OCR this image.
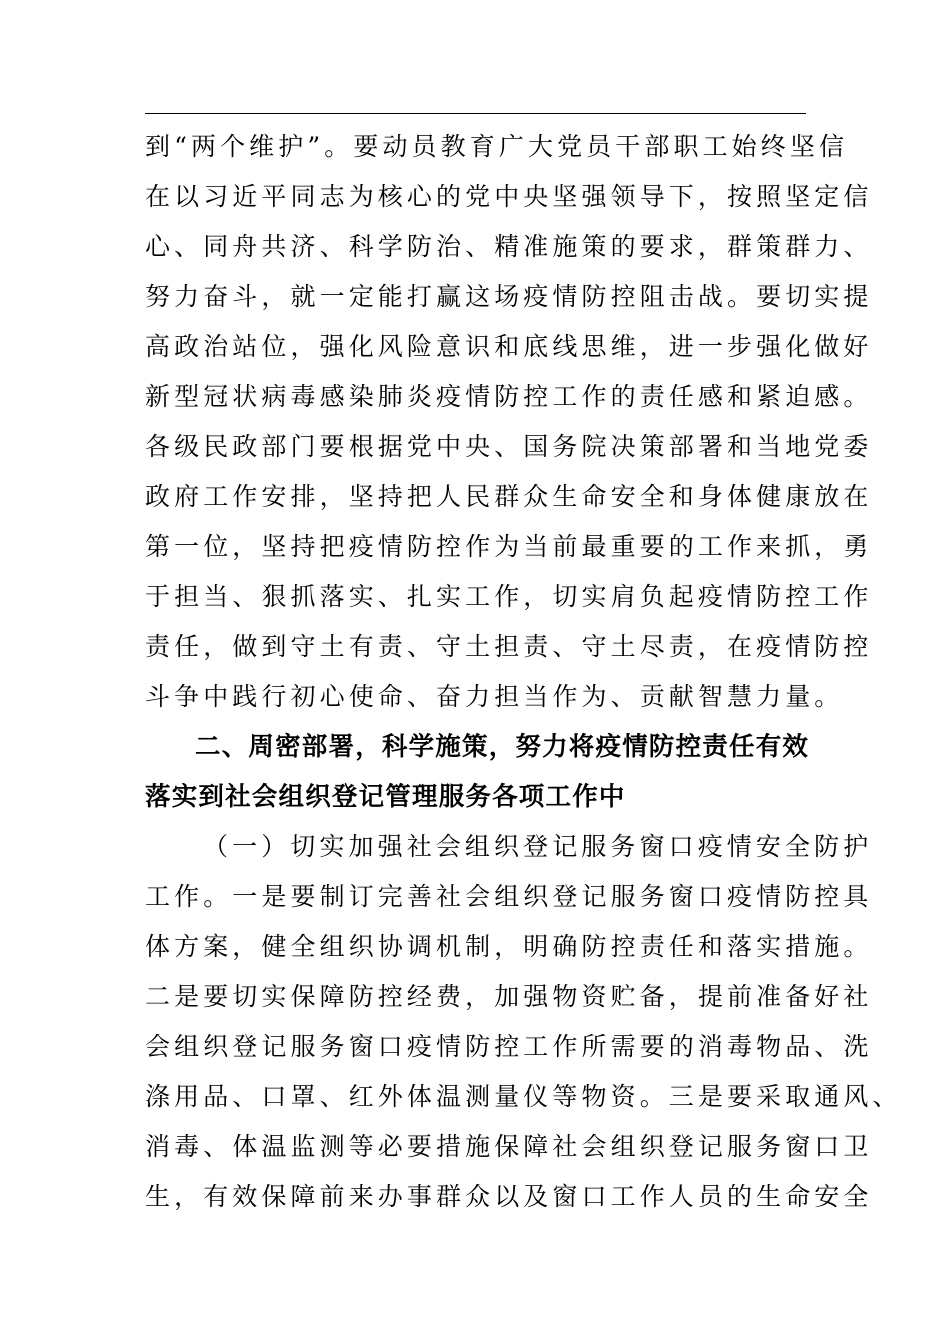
到“两个维护”。要动员教育广大党员干部职工始终坚信
在以习近平同志为核心的党中央坚强领导下，按照坚定信
心、同舟共济、科学防治、精准施策的要求，群策群力、
努力奋斗，就一定能打赢这场疫情防控阻击战。要切实提
高政治站位，强化风险意识和底线思维，进一步强化做好
新型冠状病毒感染肺炎疫情防控工作的责任感和紧迫感。
各级民政部门要根据党中央、国务院决策部署和当地党委
政府工作安排，坚持把人民群众生命安全和身体健康放在
第一位，坚持把疫情防控作为当前最重要的工作来抓，勇
于担当、狠抓落实、扎实工作，切实肩负起疫情防控工作
责任，做到守土有责、守土担责、守土尽责，在疫情防控
斗争中践行初心使命、奋力担当作为、贡献智慧力量。
二、周密部署，科学施策，努力将疫情防控责任有效
落实到社会组织登记管理服务各项工作中
（一）切实加强社会组织登记服务窗口疫情安全防护
工作。一是要制订完善社会组织登记服务窗口疫情防控具
体方案，健全组织协调机制，明确防控责任和落实措施。
二是要切实保障防控经费，加强物资贮备，提前准备好社
会组织登记服务窗口疫情防控工作所需要的消毒物品、洗
涤用品、口罩、红外体温测量仪等物资。三是要采取通风、
消毒、体温监测等必要措施保障社会组织登记服务窗口卫
生，有效保障前来办事群众以及窗口工作人员的生命安全
